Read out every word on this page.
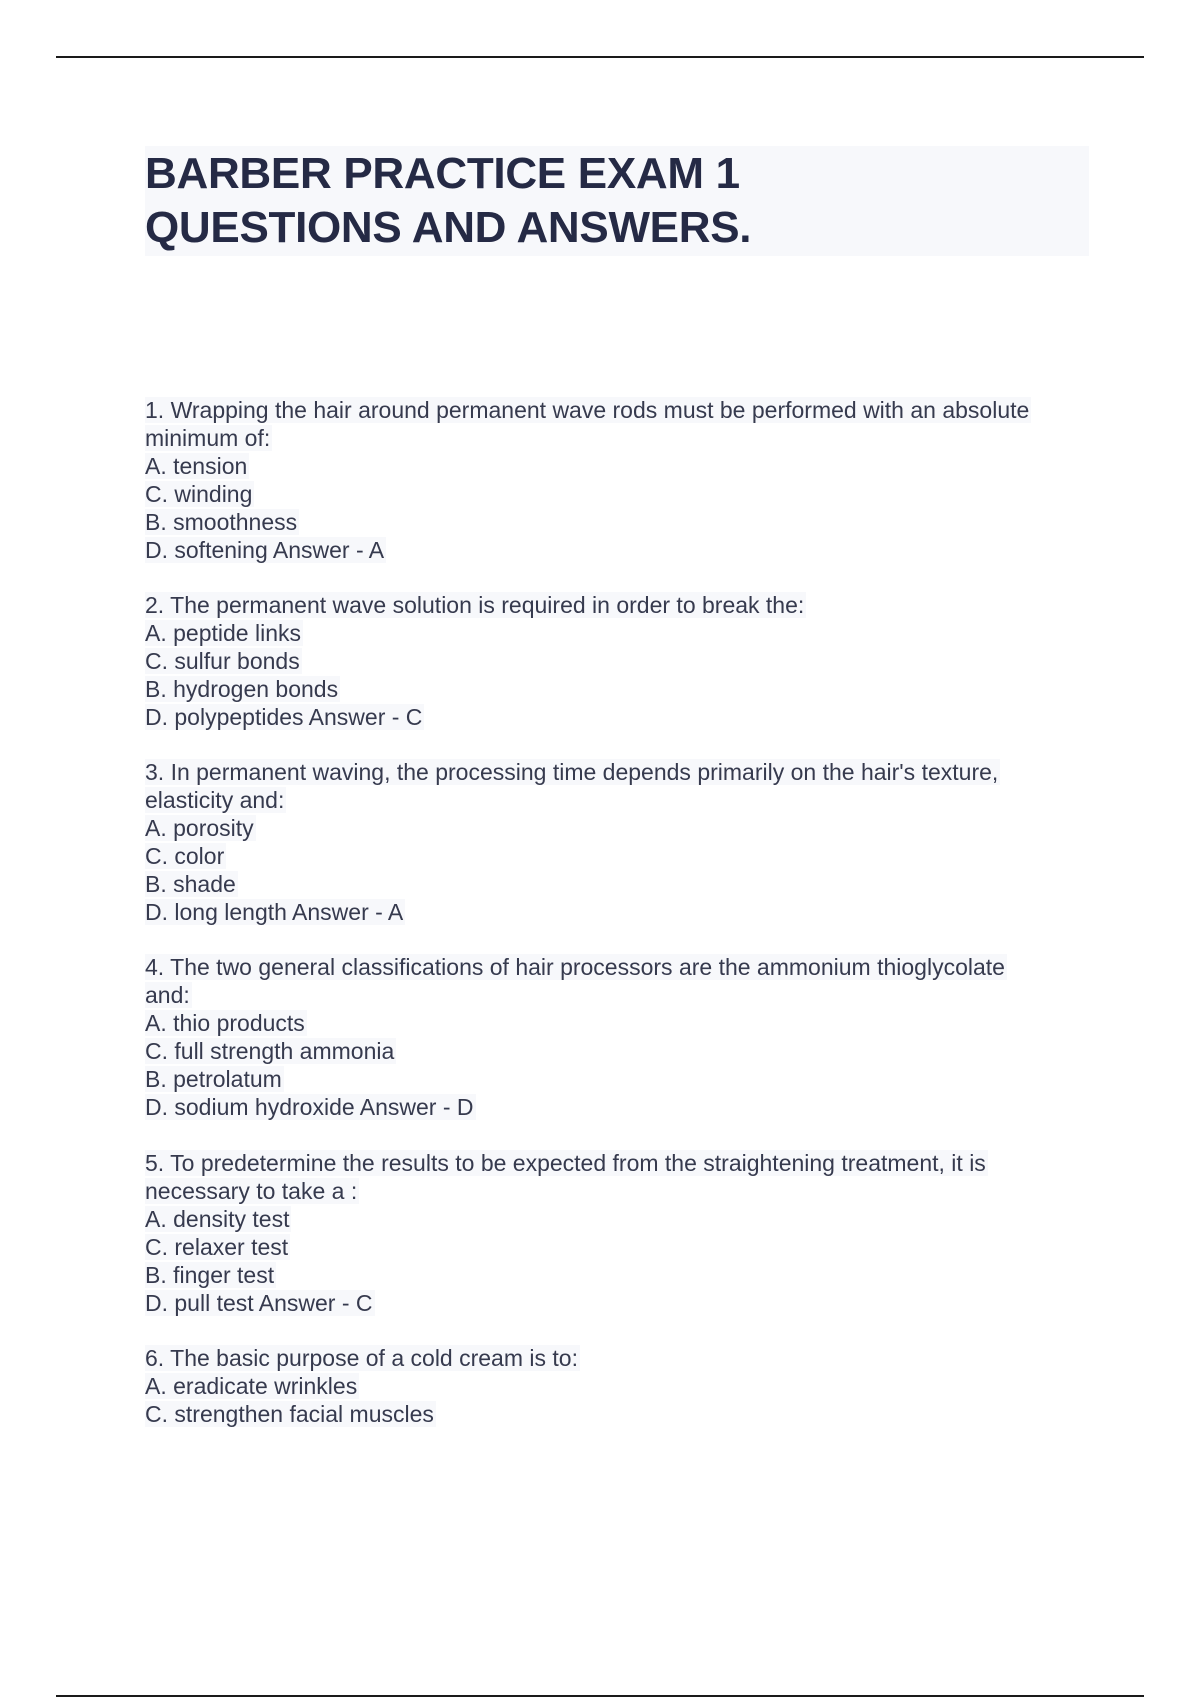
BARBER PRACTICE EXAM 1
QUESTIONS AND ANSWERS.
1. Wrapping the hair around permanent wave rods must be performed with an absolute
minimum of:
A. tension
C. winding
B. smoothness
D. softening Answer - A
2. The permanent wave solution is required in order to break the:
A. peptide links
C. sulfur bonds
B. hydrogen bonds
D. polypeptides Answer - C
3. In permanent waving, the processing time depends primarily on the hair's texture,
elasticity and:
A. porosity
C. color
B. shade
D. long length Answer - A
4. The two general classifications of hair processors are the ammonium thioglycolate
and:
A. thio products
C. full strength ammonia
B. petrolatum
D. sodium hydroxide Answer - D
5. To predetermine the results to be expected from the straightening treatment, it is
necessary to take a :
A. density test
C. relaxer test
B. finger test
D. pull test Answer - C
6. The basic purpose of a cold cream is to:
A. eradicate wrinkles
C. strengthen facial muscles
